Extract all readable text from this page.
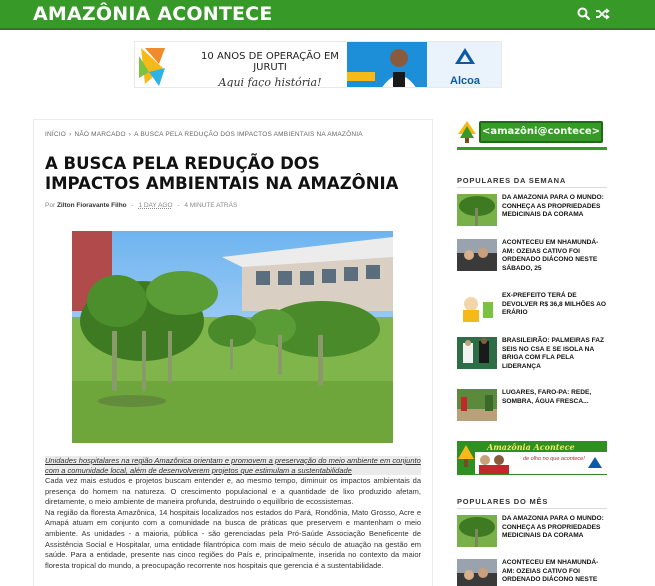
AMAZÔNIA ACONTECE
10 ANOS DE OPERAÇÃO EM JURUTI
Aqui faço história!	Alcoa
INÍCIO › NÃO MARCADO › A BUSCA PELA REDUÇÃO DOS IMPACTOS AMBIENTAIS NA AMAZÔNIA
A BUSCA PELA REDUÇÃO DOS IMPACTOS AMBIENTAIS NA AMAZÔNIA
Por Zilton Fioravante Filho - 1 DAY AGO - 4 MINUTE ATRÁS
Unidades hospitalares na região Amazônica orientam e promovem a preservação do meio ambiente em conjunto com a comunidade local, além de desenvolverem projetos que estimulam a sustentabilidade

Cada vez mais estudos e projetos buscam entender e, ao mesmo tempo, diminuir os impactos ambientais da presença do homem na natureza. O crescimento populacional e a quantidade de lixo produzido afetam, diretamente, o meio ambiente de maneira profunda, destruindo o equilíbrio de ecossistemas.

Na região da floresta Amazônica, 14 hospitais localizados nos estados do Pará, Rondônia, Mato Grosso, Acre e Amapá atuam em conjunto com a comunidade na busca de práticas que preservem e mantenham o meio ambiente. As unidades - a maioria, pública - são gerenciadas pela Pró-Saúde Associação Beneficente de Assistência Social e Hospitalar, uma entidade filantrópica com mais de meio século de atuação na gestão em saúde. Para a entidade, presente nas cinco regiões do País e, principalmente, inserida no contexto da maior floresta tropical do mundo, a preocupação recorrente nos hospitais que gerencia é a sustentabilidade.

<amazôni@contece>
POPULARES DA SEMANA
DA AMAZONIA PARA O MUNDO: CONHEÇA AS PROPRIEDADES MEDICINAIS DA CORAMA
ACONTECEU EM NHAMUNDÁ-AM: OZEIAS CATIVO FOI ORDENADO DIÁCONO NESTE SÁBADO, 25
EX-PREFEITO TERÁ DE DEVOLVER R$ 36,8 MILHÕES AO ERÁRIO
BRASILEIRÃO: PALMEIRAS FAZ SEIS NO CSA E SE ISOLA NA BRIGA COM FLA PELA LIDERANÇA
LUGARES, FARO-PA: REDE, SOMBRA, ÁGUA FRESCA...
Amazônia Acontece
de olho no que acontece!
POPULARES DO MÊS
DA AMAZONIA PARA O MUNDO: CONHEÇA AS PROPRIEDADES MEDICINAIS DA CORAMA
ACONTECEU EM NHAMUNDÁ-AM: OZEIAS CATIVO FOI ORDENADO DIÁCONO NESTE
